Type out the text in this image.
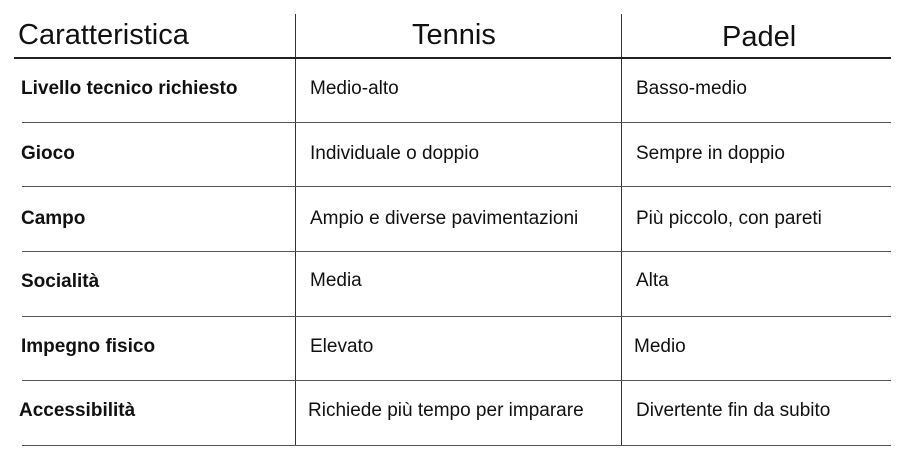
Caratteristica	Tennis	Padel
Livello tecnico richiesto	Medio-alto	Basso-medio
Gioco	Individuale o doppio	Sempre in doppio
Campo	Ampio e diverse pavimentazioni	Più piccolo, con pareti
Socialità	Media	Alta
Impegno fisico	Elevato	Medio
Accessibilità	Richiede più tempo per imparare	Divertente fin da subito
